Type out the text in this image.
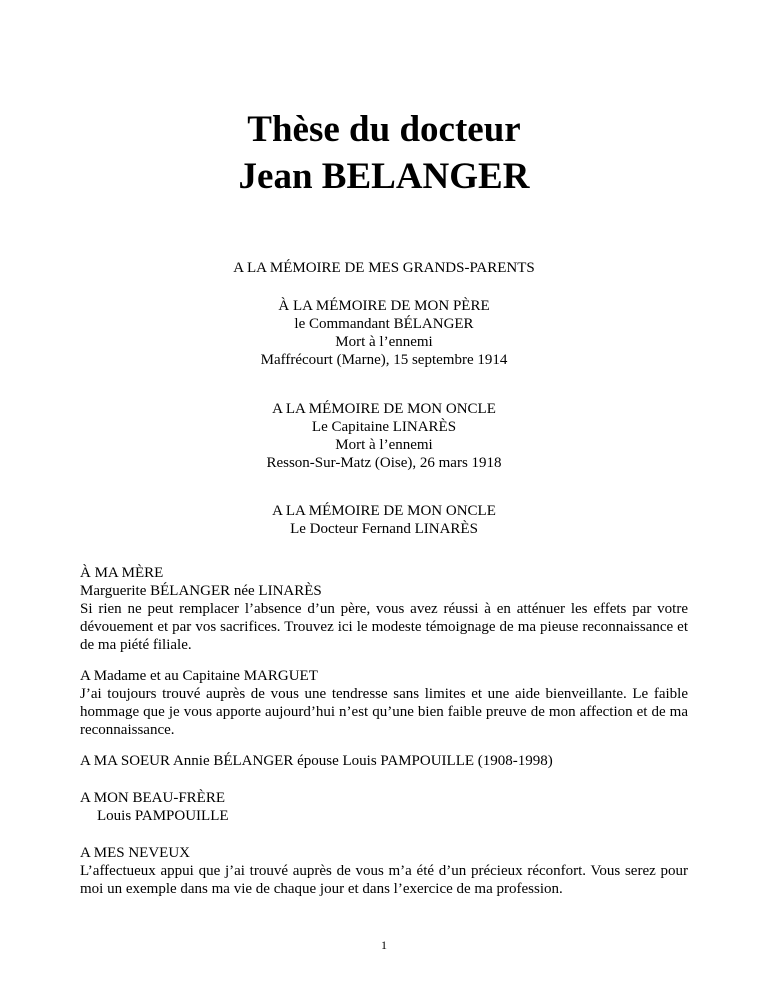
Thèse du docteur
Jean BELANGER
A LA MÉMOIRE DE MES GRANDS-PARENTS
À LA MÉMOIRE DE MON PÈRE
le Commandant BÉLANGER
Mort à l’ennemi
Maffrécourt (Marne), 15 septembre 1914
A LA MÉMOIRE DE MON ONCLE
Le Capitaine LINARÈS
Mort à l’ennemi
Resson-Sur-Matz (Oise), 26 mars 1918
A LA MÉMOIRE DE MON ONCLE
Le Docteur Fernand LINARÈS
À MA MÈRE
Marguerite BÉLANGER née LINARÈS
Si rien ne peut remplacer l’absence d’un père, vous avez réussi à en atténuer les effets par votre dévouement et par vos sacrifices. Trouvez ici le modeste témoignage de ma pieuse reconnaissance et de ma piété filiale.
A Madame et au Capitaine MARGUET
J’ai toujours trouvé auprès de vous une tendresse sans limites et une aide bienveillante. Le faible hommage que je vous apporte aujourd’hui n’est qu’une bien faible preuve de mon affection et de ma reconnaissance.
A MA SOEUR Annie BÉLANGER épouse Louis PAMPOUILLE (1908-1998)
A MON BEAU-FRÈRE
Louis PAMPOUILLE
A MES NEVEUX
L’affectueux appui que j’ai trouvé auprès de vous m’a été d’un précieux réconfort. Vous serez pour moi un exemple dans ma vie de chaque jour et dans l’exercice de ma profession.
1
